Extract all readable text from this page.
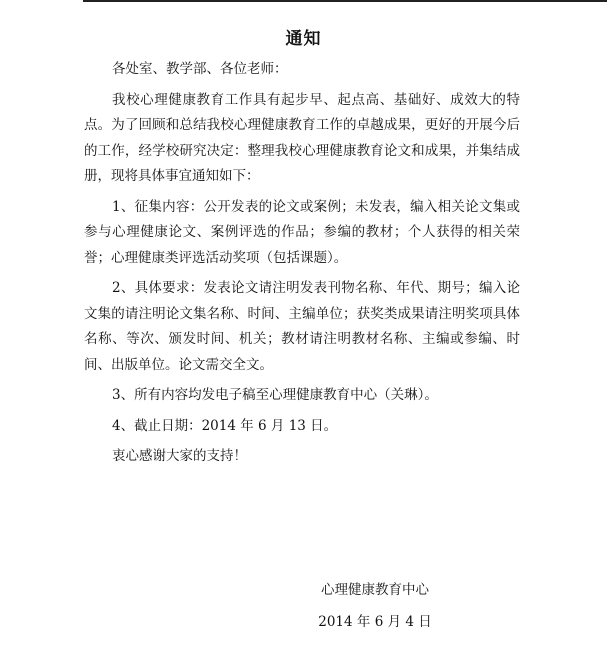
通知

各处室、教学部、各位老师：

我校心理健康教育工作具有起步早、起点高、基础好、成效大的特点。为了回顾和总结我校心理健康教育工作的卓越成果，更好的开展今后的工作，经学校研究决定：整理我校心理健康教育论文和成果，并集结成册，现将具体事宜通知如下：

1、征集内容：公开发表的论文或案例；未发表，编入相关论文集或参与心理健康论文、案例评选的作品；参编的教材；个人获得的相关荣誉；心理健康类评选活动奖项（包括课题）。

2、具体要求：发表论文请注明发表刊物名称、年代、期号；编入论文集的请注明论文集名称、时间、主编单位；获奖类成果请注明奖项具体名称、等次、颁发时间、机关；教材请注明教材名称、主编或参编、时间、出版单位。论文需交全文。

3、所有内容均发电子稿至心理健康教育中心（关琳）。

4、截止日期：2014 年 6 月 13 日。

衷心感谢大家的支持！

心理健康教育中心
2014 年 6 月 4 日
